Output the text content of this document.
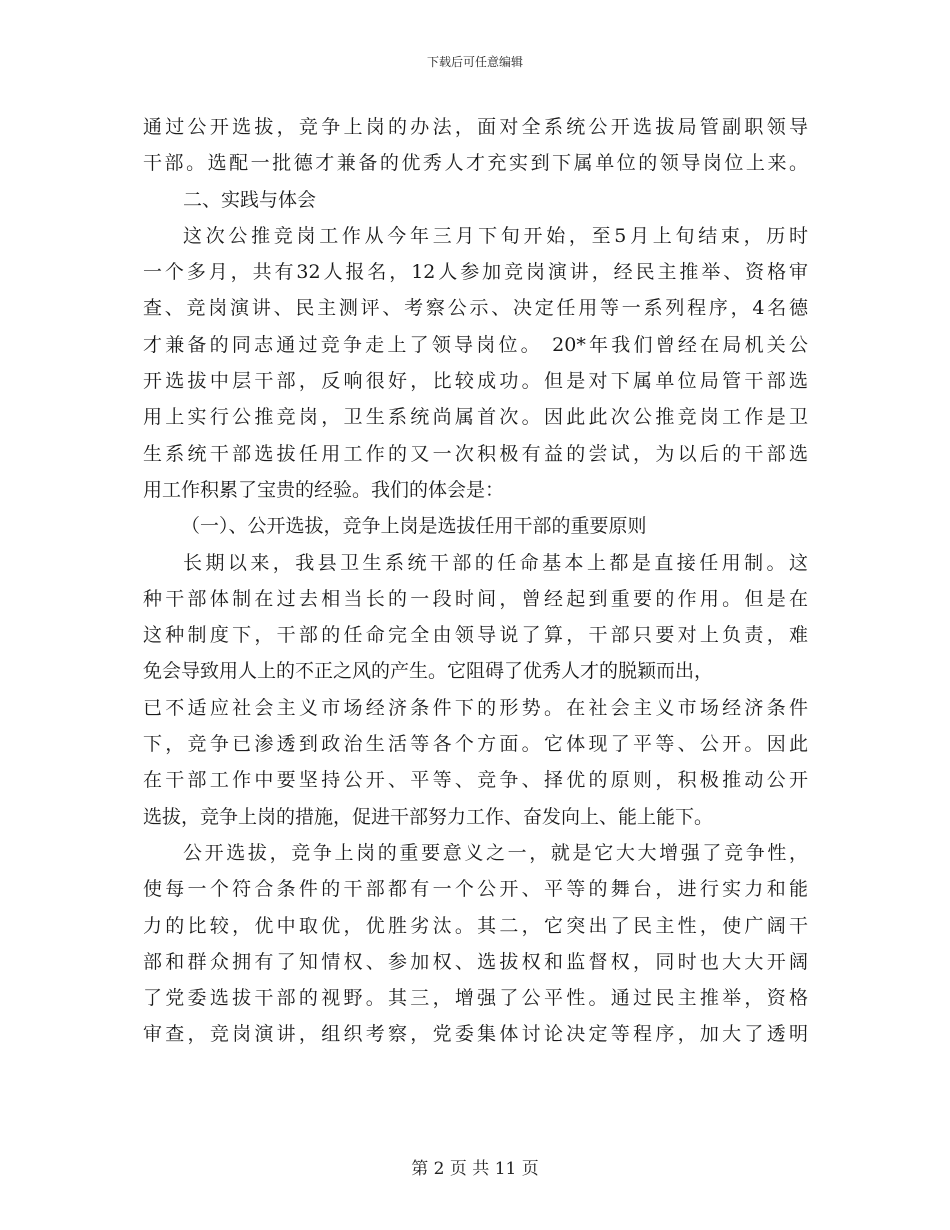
下载后可任意编辑
通过公开选拔，竞争上岗的办法，面对全系统公开选拔局管副职领导
干部。选配一批德才兼备的优秀人才充实到下属单位的领导岗位上来。
二、实践与体会
这次公推竞岗工作从今年三月下旬开始，至5月上旬结束，历时
一个多月，共有32人报名，12人参加竞岗演讲，经民主推举、资格审
查、竞岗演讲、民主测评、考察公示、决定任用等一系列程序，4名德
才兼备的同志通过竞争走上了领导岗位。 20*年我们曾经在局机关公
开选拔中层干部，反响很好，比较成功。但是对下属单位局管干部选
用上实行公推竞岗，卫生系统尚属首次。因此此次公推竞岗工作是卫
生系统干部选拔任用工作的又一次积极有益的尝试，为以后的干部选
用工作积累了宝贵的经验。我们的体会是：
（一）、公开选拔，竞争上岗是选拔任用干部的重要原则
长期以来，我县卫生系统干部的任命基本上都是直接任用制。这
种干部体制在过去相当长的一段时间，曾经起到重要的作用。但是在
这种制度下，干部的任命完全由领导说了算，干部只要对上负责，难
免会导致用人上的不正之风的产生。它阻碍了优秀人才的脱颖而出，
已不适应社会主义市场经济条件下的形势。在社会主义市场经济条件
下，竞争已渗透到政治生活等各个方面。它体现了平等、公开。因此
在干部工作中要坚持公开、平等、竞争、择优的原则，积极推动公开
选拔，竞争上岗的措施，促进干部努力工作、奋发向上、能上能下。
公开选拔，竞争上岗的重要意义之一，就是它大大增强了竞争性，
使每一个符合条件的干部都有一个公开、平等的舞台，进行实力和能
力的比较，优中取优，优胜劣汰。其二，它突出了民主性，使广阔干
部和群众拥有了知情权、参加权、选拔权和监督权，同时也大大开阔
了党委选拔干部的视野。其三，增强了公平性。通过民主推举，资格
审查，竞岗演讲，组织考察，党委集体讨论决定等程序，加大了透明
第 2 页 共 11 页
